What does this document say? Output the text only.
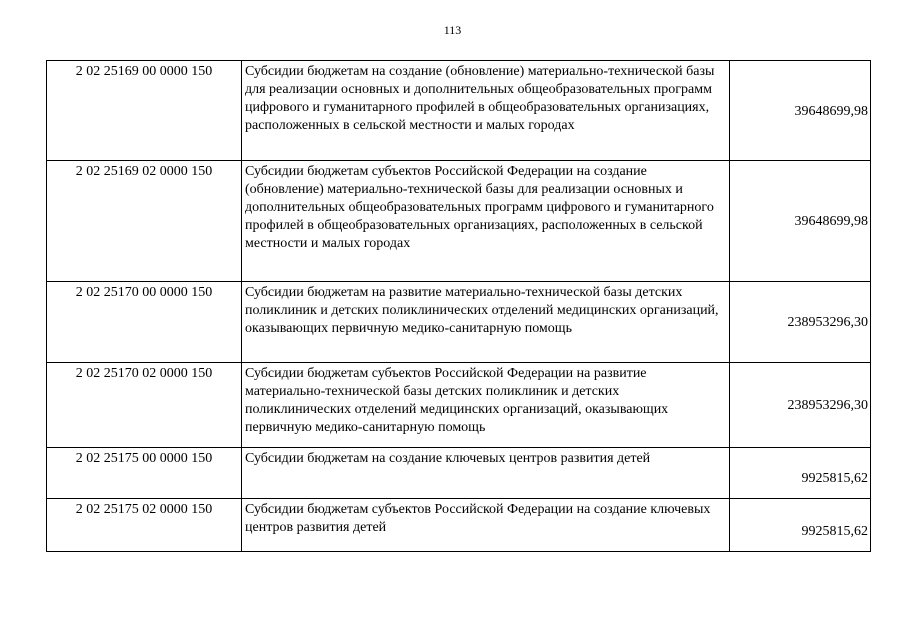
113
2 02 25169 00 0000 150	Субсидии бюджетам на создание (обновление) материально-технической базы для реализации основных и дополнительных общеобразовательных программ цифрового и гуманитарного профилей в общеобразовательных организациях, расположенных в сельской местности и малых городах	39648699,98
2 02 25169 02 0000 150	Субсидии бюджетам субъектов Российской Федерации на создание (обновление) материально-технической базы для реализации основных и дополнительных общеобразовательных программ цифрового и гуманитарного профилей в общеобразовательных организациях, расположенных в сельской местности и малых городах	39648699,98
2 02 25170 00 0000 150	Субсидии бюджетам на развитие материально-технической базы детских поликлиник и детских поликлинических отделений медицинских организаций, оказывающих первичную медико-санитарную помощь	238953296,30
2 02 25170 02 0000 150	Субсидии бюджетам субъектов Российской Федерации на развитие материально-технической базы детских поликлиник и детских поликлинических отделений медицинских организаций, оказывающих первичную медико-санитарную помощь	238953296,30
2 02 25175 00 0000 150	Субсидии бюджетам на создание ключевых центров развития детей	9925815,62
2 02 25175 02 0000 150	Субсидии бюджетам субъектов Российской Федерации на создание ключевых центров развития детей	9925815,62
